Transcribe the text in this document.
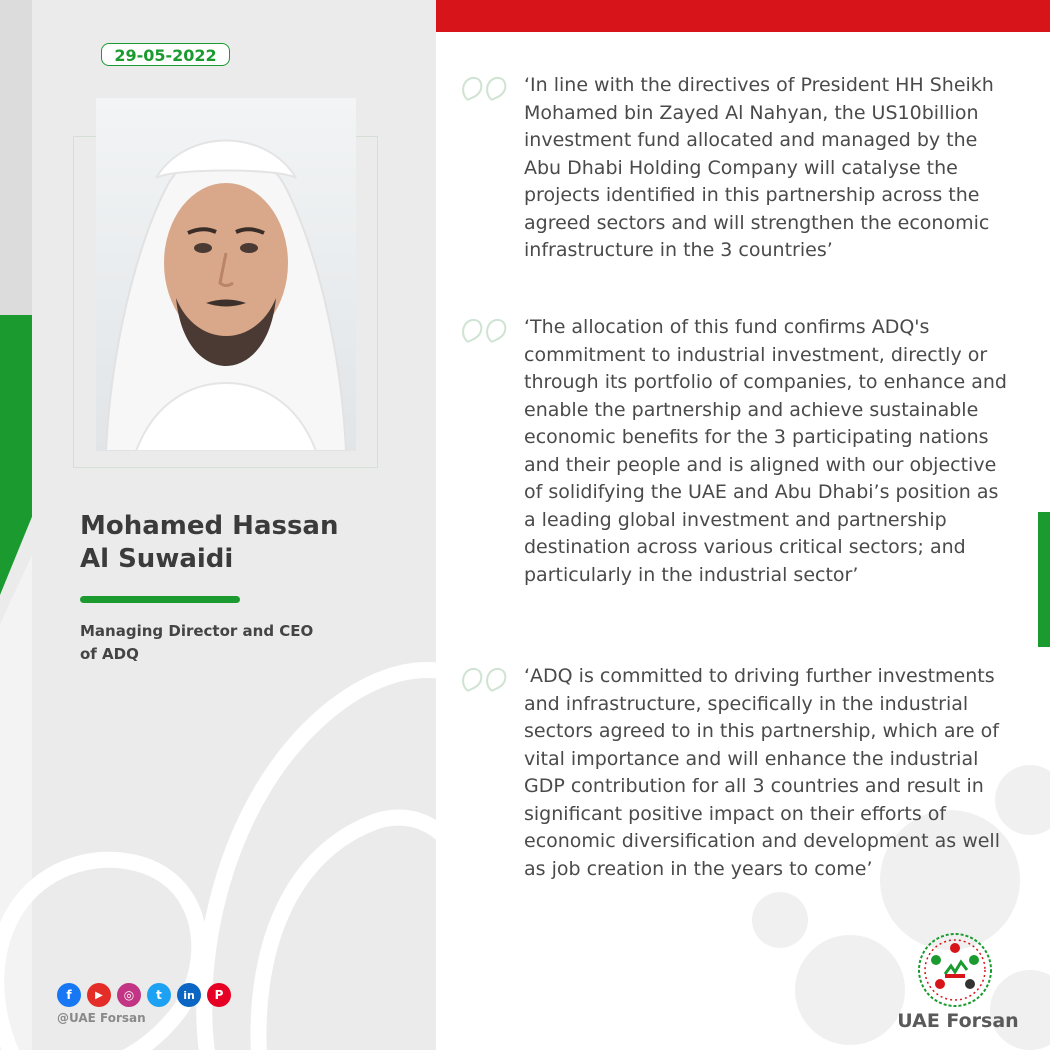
29-05-2022
Mohamed Hassan
Al Suwaidi
Managing Director and CEO
of ADQ
f	▶	◎	t	in	P
@UAE Forsan

‘In line with the directives of President HH Sheikh Mohamed bin Zayed Al Nahyan, the US10billion investment fund allocated and managed by the Abu Dhabi Holding Company will catalyse the projects identified in this partnership across the agreed sectors and will strengthen the economic infrastructure in the 3 countries’

‘The allocation of this fund confirms ADQ's commitment to industrial investment, directly or through its portfolio of companies, to enhance and enable the partnership and achieve sustainable economic benefits for the 3 participating nations and their people and is aligned with our objective of solidifying the UAE and Abu Dhabi’s position as a leading global investment and partnership destination across various critical sectors; and particularly in the industrial sector’

‘ADQ is committed to driving further investments and infrastructure, specifically in the industrial sectors agreed to in this partnership, which are of vital importance and will enhance the industrial GDP contribution for all 3 countries and result in significant positive impact on their efforts of economic diversification and development as well as job creation in the years to come’

UAE Forsan
